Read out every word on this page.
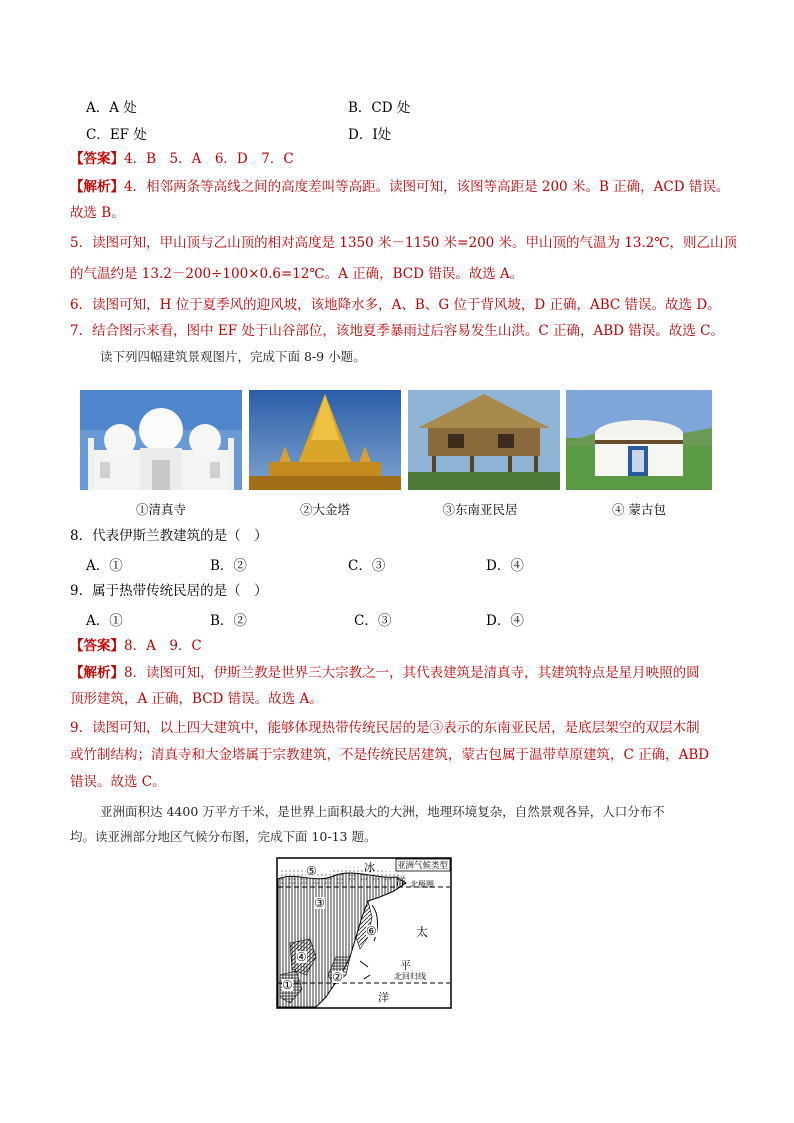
A．A 处	B．CD 处
C．EF 处	D．I处
【答案】4．B　5．A　6．D　7．C
【解析】4．相邻两条等高线之间的高度差叫等高距。读图可知，该图等高距是 200 米。B 正确，ACD 错误。
故选 B。
5．读图可知，甲山顶与乙山顶的相对高度是 1350 米－1150 米=200 米。甲山顶的气温为 13.2℃，则乙山顶
的气温约是 13.2－200÷100×0.6=12℃。A 正确，BCD 错误。故选 A。
6．读图可知，H 位于夏季风的迎风坡，该地降水多，A、B、G 位于背风坡，D 正确，ABC 错误。故选 D。
7．结合图示来看，图中 EF 处于山谷部位，该地夏季暴雨过后容易发生山洪。C 正确，ABD 错误。故选 C。
读下列四幅建筑景观图片，完成下面 8-9 小题。
①清真寺	②大金塔	③东南亚民居	④ 蒙古包
8．代表伊斯兰教建筑的是（　）
A．①	B．②	C．③	D．④
9．属于热带传统民居的是（　）
A．①	B．②	C．③	D．④
【答案】8．A　9．C
【解析】8．读图可知，伊斯兰教是世界三大宗教之一，其代表建筑是清真寺，其建筑特点是星月映照的圆
顶形建筑，A 正确，BCD 错误。故选 A。
9．读图可知，以上四大建筑中，能够体现热带传统民居的是③表示的东南亚民居，是底层架空的双层木制
或竹制结构；清真寺和大金塔属于宗教建筑，不是传统民居建筑，蒙古包属于温带草原建筑，C 正确，ABD
错误。故选 C。
亚洲面积达 4400 万平方千米，是世界上面积最大的大洲，地理环境复杂，自然景观各异，人口分布不
均。读亚洲部分地区气候分布图，完成下面 10-13 题。
亚洲气候类型
冰
洋 北极圈
太
平
北回归线
洋
①
②
③
④
⑤
⑥
